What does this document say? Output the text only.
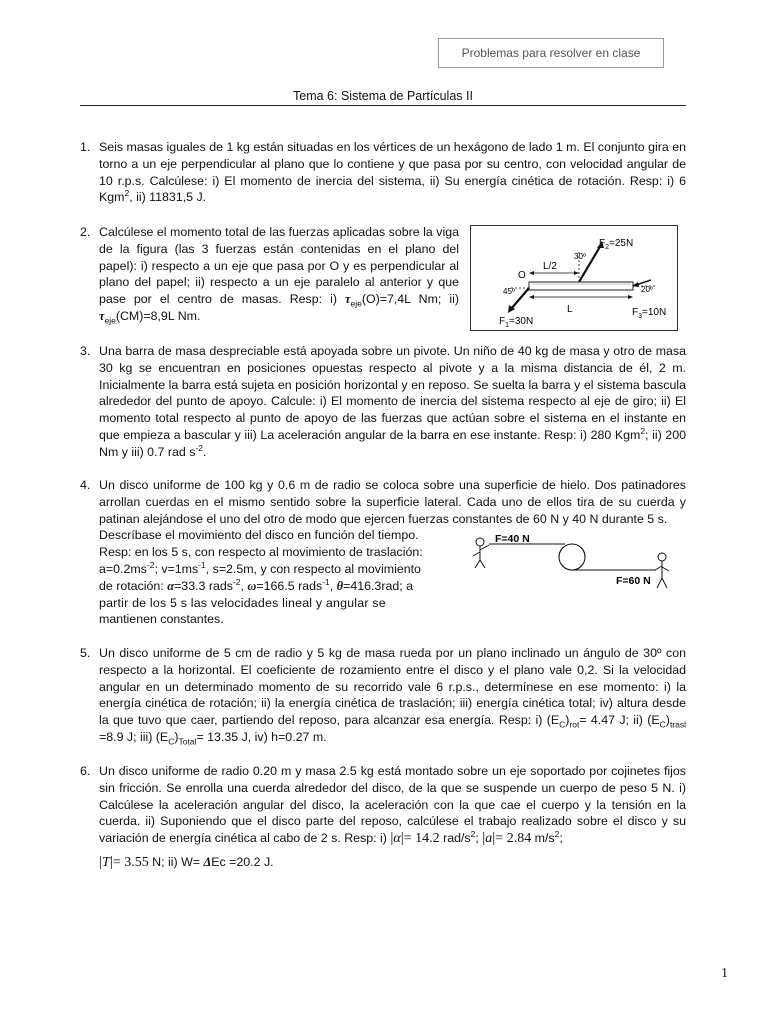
Problemas para resolver en clase
Tema 6: Sistema de Partículas II
1. Seis masas iguales de 1 kg están situadas en los vértices de un hexágono de lado 1 m. El conjunto gira en torno a un eje perpendicular al plano que lo contiene y que pasa por su centro, con velocidad angular de 10 r.p.s. Calcúlese: i) El momento de inercia del sistema, ii) Su energía cinética de rotación. Resp: i) 6 Kgm$^2$, ii) 11831,5 J.
2. Calcúlese el momento total de las fuerzas aplicadas sobre la viga de la figura (las 3 fuerzas están contenidas en el plano del papel): i) respecto a un eje que pasa por O y es perpendicular al plano del papel; ii) respecto a un eje paralelo al anterior y que pase por el centro de masas. Resp: i) $\tau_{eje}(O)=7,4L$ Nm; ii) $\tau_{eje}(CM)=8,9L$ Nm.
$F_2=25N$
30º
L/2
O
45º	20º
L
$F_1=30N$
$F_3=10N$
3. Una barra de masa despreciable está apoyada sobre un pivote. Un niño de 40 kg de masa y otro de masa 30 kg se encuentran en posiciones opuestas respecto al pivote y a la misma distancia de él, 2 m. Inicialmente la barra está sujeta en posición horizontal y en reposo. Se suelta la barra y el sistema bascula alrededor del punto de apoyo. Calcule: i) El momento de inercia del sistema respecto al eje de giro; ii) El momento total respecto al punto de apoyo de las fuerzas que actúan sobre el sistema en el instante en que empieza a bascular y iii) La aceleración angular de la barra en ese instante. Resp: i) 280 Kgm$^2$; ii) 200 Nm y iii) 0.7 rad $s^{-2}$.
4. Un disco uniforme de 100 kg y 0.6 m de radio se coloca sobre una superficie de hielo. Dos patinadores arrollan cuerdas en el mismo sentido sobre la superficie lateral. Cada uno de ellos tira de su cuerda y patinan alejándose el uno del otro de modo que ejercen fuerzas constantes de 60 N y 40 N durante 5 s.
Descríbase el movimiento del disco en función del tiempo.
Resp: en los 5 s, con respecto al movimiento de traslación:
$a=0.2ms^{-2}$; $v=1ms^{-1}$, s=2.5m, y con respecto al movimiento
de rotación: α=33.3 rads$^{-2}$, ω=166.5 rads$^{-1}$, θ=416.3rad; a
partir de los 5 s las velocidades lineal y angular se
mantienen constantes.
F=40 N
F=60 N
5. Un disco uniforme de 5 cm de radio y 5 kg de masa rueda por un plano inclinado un ángulo de 30º con respecto a la horizontal. El coeficiente de rozamiento entre el disco y el plano vale 0,2. Si la velocidad angular en un determinado momento de su recorrido vale 6 r.p.s., determínese en ese momento: i) la energía cinética de rotación; ii) la energía cinética de traslación; iii) energía cinética total; iv) altura desde la que tuvo que caer, partiendo del reposo, para alcanzar esa energía. Resp: i) $(E_C)_{rot}= 4.47$ J; ii) $(E_C)_{trasl} =8.9$ J; iii) $(E_C)_{Total}= 13.35$ J, iv) h=0.27 m.
6. Un disco uniforme de radio 0.20 m y masa 2.5 kg está montado sobre un eje soportado por cojinetes fijos sin fricción. Se enrolla una cuerda alrededor del disco, de la que se suspende un cuerpo de peso 5 N. i) Calcúlese la aceleración angular del disco, la aceleración con la que cae el cuerpo y la tensión en la cuerda. ii) Suponiendo que el disco parte del reposo, calcúlese el trabajo realizado sobre el disco y su variación de energía cinética al cabo de 2 s. Resp: i) |α|= 14.2 rad/$s^2$; |a|= 2.84 $m/s^2$;
|T|= 3.55 N; ii) W= ΔEc =20.2 J.
1
